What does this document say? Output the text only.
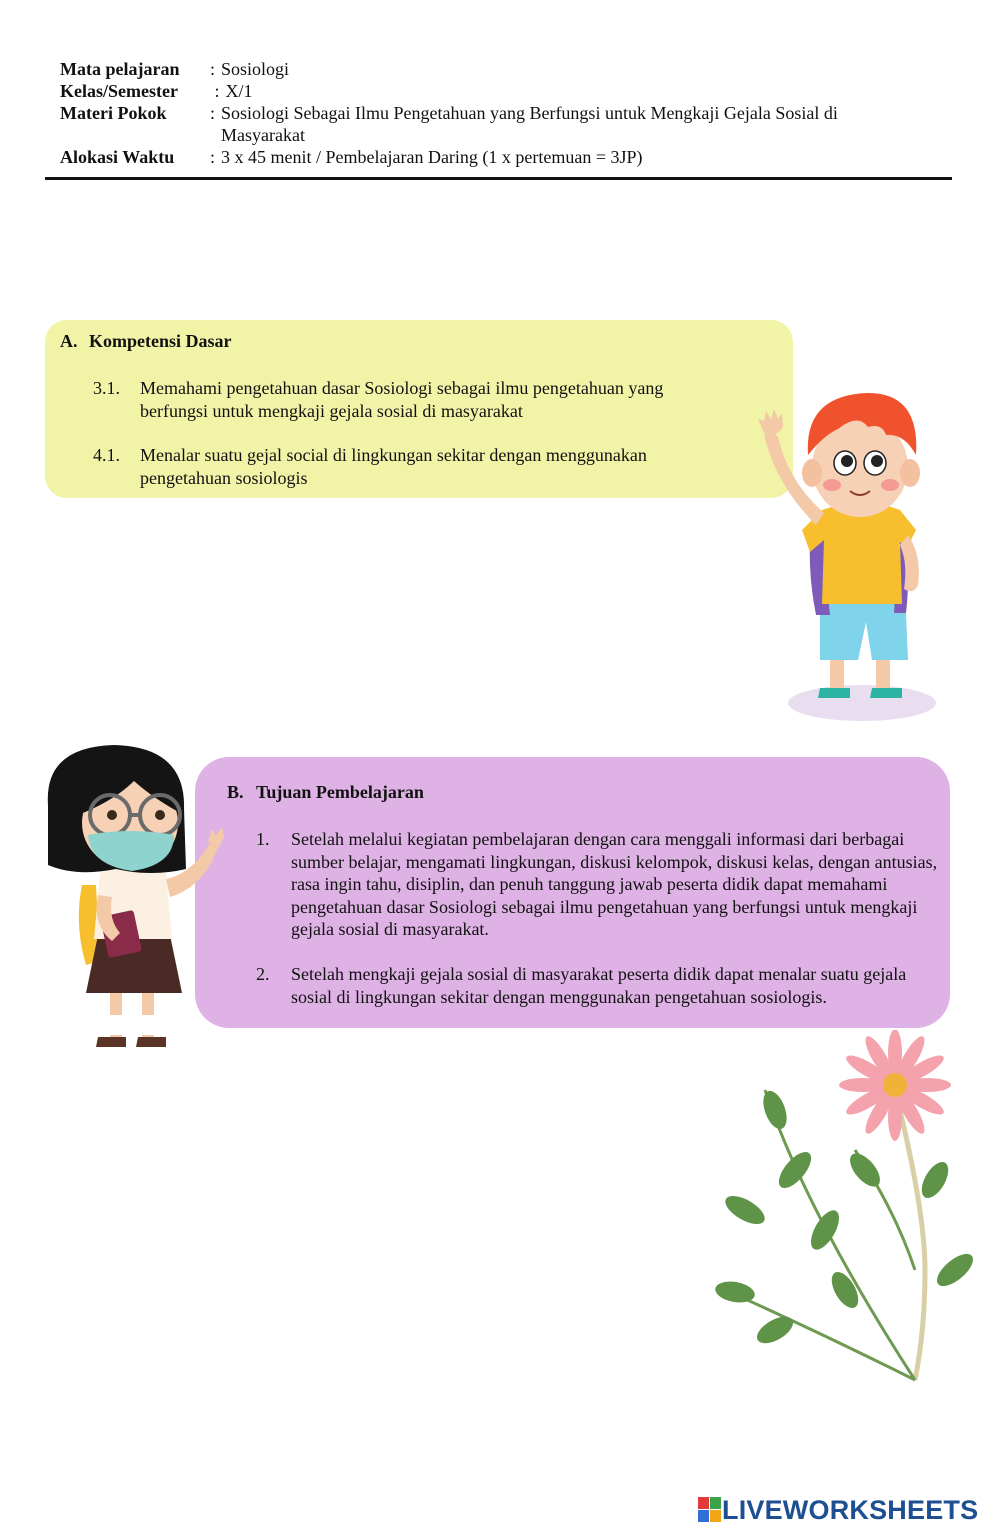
Mata pelajaran	: Sosiologi
Kelas/Semester	: X/1
Materi Pokok	: Sosiologi Sebagai Ilmu Pengetahuan yang Berfungsi untuk Mengkaji Gejala Sosial di
Masyarakat
Alokasi Waktu	: 3 x 45 menit / Pembelajaran Daring (1 x pertemuan = 3JP)
A. Kompetensi Dasar
3.1.	Memahami pengetahuan dasar Sosiologi sebagai ilmu pengetahuan yang berfungsi untuk mengkaji gejala sosial di masyarakat
4.1.	Menalar suatu gejal social di lingkungan sekitar dengan menggunakan pengetahuan sosiologis
B. Tujuan Pembelajaran
1.	Setelah melalui kegiatan pembelajaran dengan cara menggali informasi dari berbagai sumber belajar, mengamati lingkungan, diskusi kelompok, diskusi kelas, dengan antusias, rasa ingin tahu, disiplin, dan penuh tanggung jawab peserta didik dapat memahami pengetahuan dasar Sosiologi sebagai ilmu pengetahuan yang berfungsi untuk mengkaji gejala sosial di masyarakat.
2.	Setelah mengkaji gejala sosial di masyarakat peserta didik dapat menalar suatu gejala sosial di lingkungan sekitar dengan menggunakan pengetahuan sosiologis.
LIVEWORKSHEETS
